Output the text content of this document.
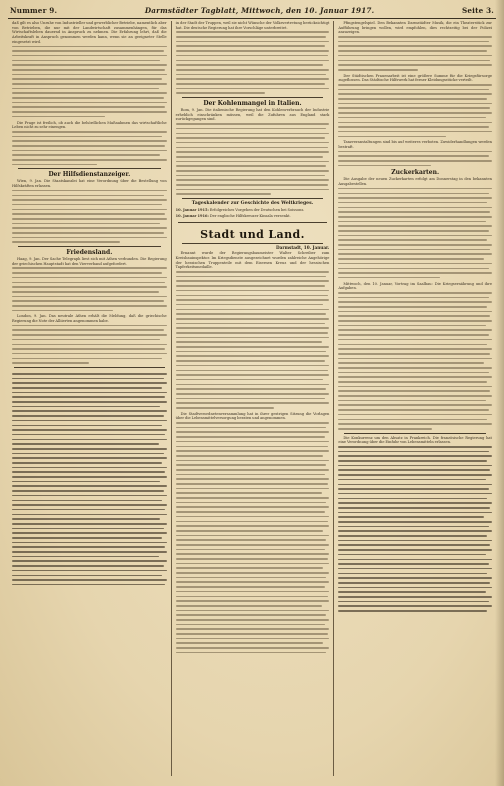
Nummer 9.	Darmstädter Tagblatt, Mittwoch, den 10. Januar 1917.	Seite 3.

daß gilt es also Unruhe von Industrieller und gewerblicher Betriebe, namentlich aber von Betrieben, die nur mit der Landwirtschaft zusammenhängen, für das Wirtschaftsleben dauernd in Anspruch zu nehmen. Die Erfahrung lehrt, daß die Arbeitskraft in Anspruch genommen werden kann, wenn sie an geeigneter Stelle eingesetzt wird.

Die Frage ist freilich, ob auch die behördlichen Maßnahmen das wirtschaftliche Leben nicht zu sehr einengen.

Der Hilfsdienstanzeiger.

Wien, 9. Jan. Die Staatskanzlei hat eine Verordnung über die Bestellung von Hilfskräften erlassen.

Friedensland.

Haag, 9. Jan. Der Sache Telegraph liest sich mit Athen verbunden. Die Regierung der griechischen Hauptstadt hat den Vierverband aufgefordert.

London, 9. Jan. Das neutrale Athen erhält die Meldung, daß die griechische Regierung die Note der Alliierten angenommen habe.

in der Stadt der Truppen, weil sie nicht Wünsche der Volksvertretung berücksichtigt hat. Die deutsche Regierung hat ihre Vorschläge unterbreitet.

Der Kohlenmangel in Italien.

Rom, 9. Jan. Die italienische Regierung hat den Kohlenverbrauch der Industrie erheblich einschränken müssen, weil die Zufuhren aus England stark zurückgegangen sind.

Tageskalender zur Geschichte des Weltkrieges.

10. Januar 1915: Erfolgreiches Vorgehen der Deutschen bei Soissons.

10. Januar 1916: Der englische Hilfskreuzer Kinsala versenkt.

Stadt und Land.
Darmstadt, 10. Januar.

Ernannt wurde der Regierungsbaumeister Walter Schreiber zum Kreisbauinspektor. Im Kriegsdienste ausgezeichnet wurden zahlreiche Angehörige der hessischen Truppenteile mit dem Eisernen Kreuz und der hessischen Tapferkeitsmedaille.

Die Stadtverordnetenversammlung hat in ihrer gestrigen Sitzung die Vorlagen über die Lebensmittelversorgung beraten und angenommen.

Pfingstengelspiel. Den Bekannten Darmstädter Musik, die ein Theaterstück zur Aufführung bringen wollen, wird empfohlen, dies rechtzeitig bei der Polizei anzuzeigen.

Der Städtischen Frauenarbeit ist eine größere Summe für die Kriegsfürsorge zugeflossen. Das Städtische Hilfswerk hat ferner Kleidungsstücke verteilt.

Tanzveranstaltungen sind bis auf weiteres verboten. Zuwiderhandlungen werden bestraft.

Zuckerkarten.

Die Ausgabe der neuen Zuckerkarten erfolgt am Donnerstag in den bekannten Ausgabestellen.

Mittwoch, den 10. Januar, Vortrag im Saalbau: Die Kriegsernährung und ihre Aufgaben.

Die Konkurrenz um den Absatz in Frankreich. Die französische Regierung hat eine Verordnung über die Einfuhr von Lebensmitteln erlassen.
